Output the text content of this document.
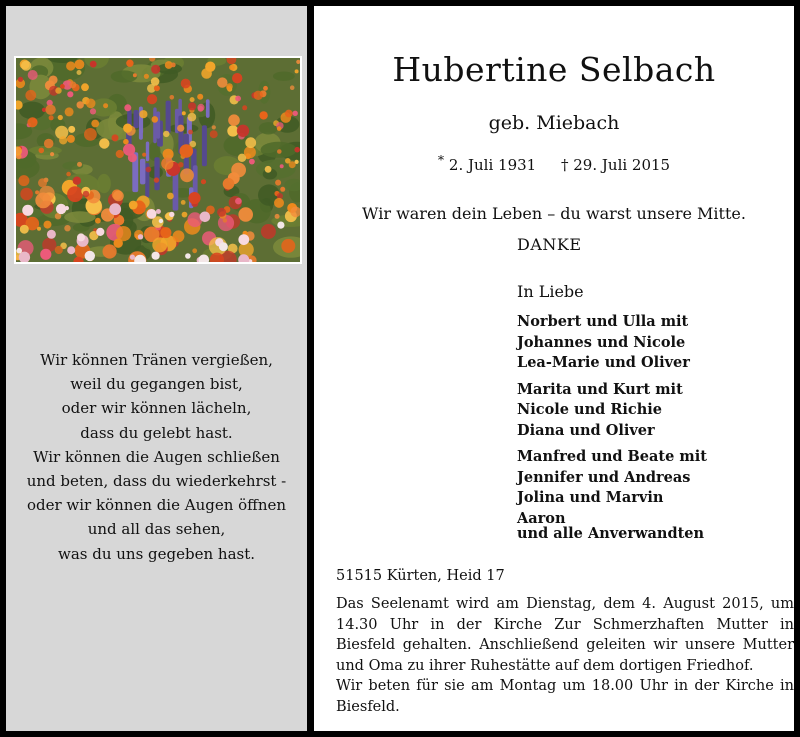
Wir können Tränen vergießen,
weil du gegangen bist,
oder wir können lächeln,
dass du gelebt hast.
Wir können die Augen schließen
und beten, dass du wiederkehrst -
oder wir können die Augen öffnen
und all das sehen,
was du uns gegeben hast.
Hubertine Selbach
geb. Miebach
* 2. Juli 1931 † 29. Juli 2015
Wir waren dein Leben – du warst unsere Mitte.
DANKE
In Liebe
Norbert und Ulla mit
Johannes und Nicole
Lea-Marie und Oliver
Marita und Kurt mit
Nicole und Richie
Diana und Oliver
Manfred und Beate mit
Jennifer und Andreas
Jolina und Marvin
Aaron
und alle Anverwandten
51515 Kürten, Heid 17

Das Seelenamt wird am Dienstag, dem 4. August 2015, um 14.30 Uhr in der Kirche Zur Schmerzhaften Mutter in Biesfeld gehalten. Anschließend geleiten wir unsere Mutter und Oma zu ihrer Ruhestätte auf dem dortigen Friedhof.

Wir beten für sie am Montag um 18.00 Uhr in der Kirche in Biesfeld.
